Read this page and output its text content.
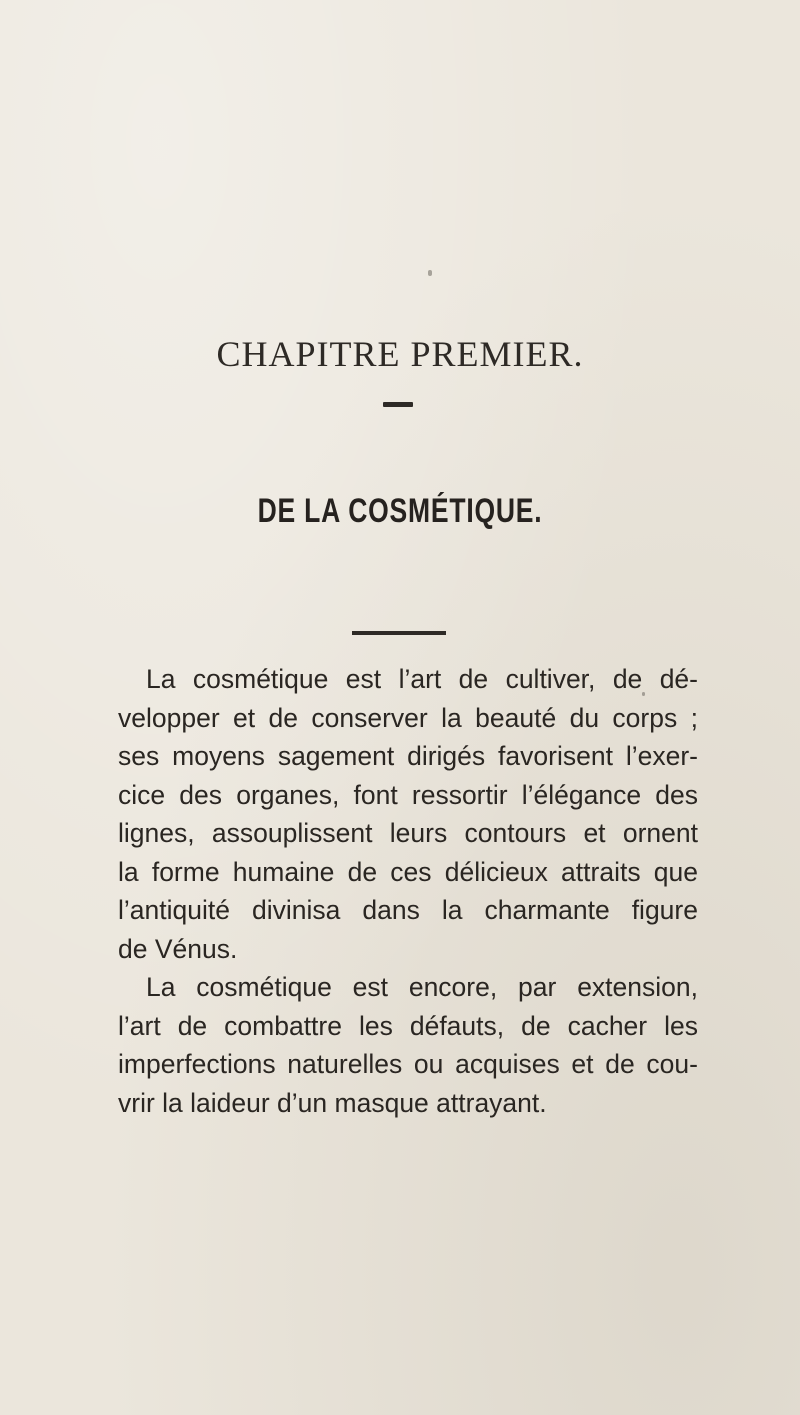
CHAPITRE PREMIER.
DE LA COSMÉTIQUE.
La cosmétique est l’art de cultiver, de dé-
velopper et de conserver la beauté du corps ;
ses moyens sagement dirigés favorisent l’exer-
cice des organes, font ressortir l’élégance des
lignes, assouplissent leurs contours et ornent
la forme humaine de ces délicieux attraits que
l’antiquité divinisa dans la charmante figure
de Vénus.
La cosmétique est encore, par extension,
l’art de combattre les défauts, de cacher les
imperfections naturelles ou acquises et de cou-
vrir la laideur d’un masque attrayant.
